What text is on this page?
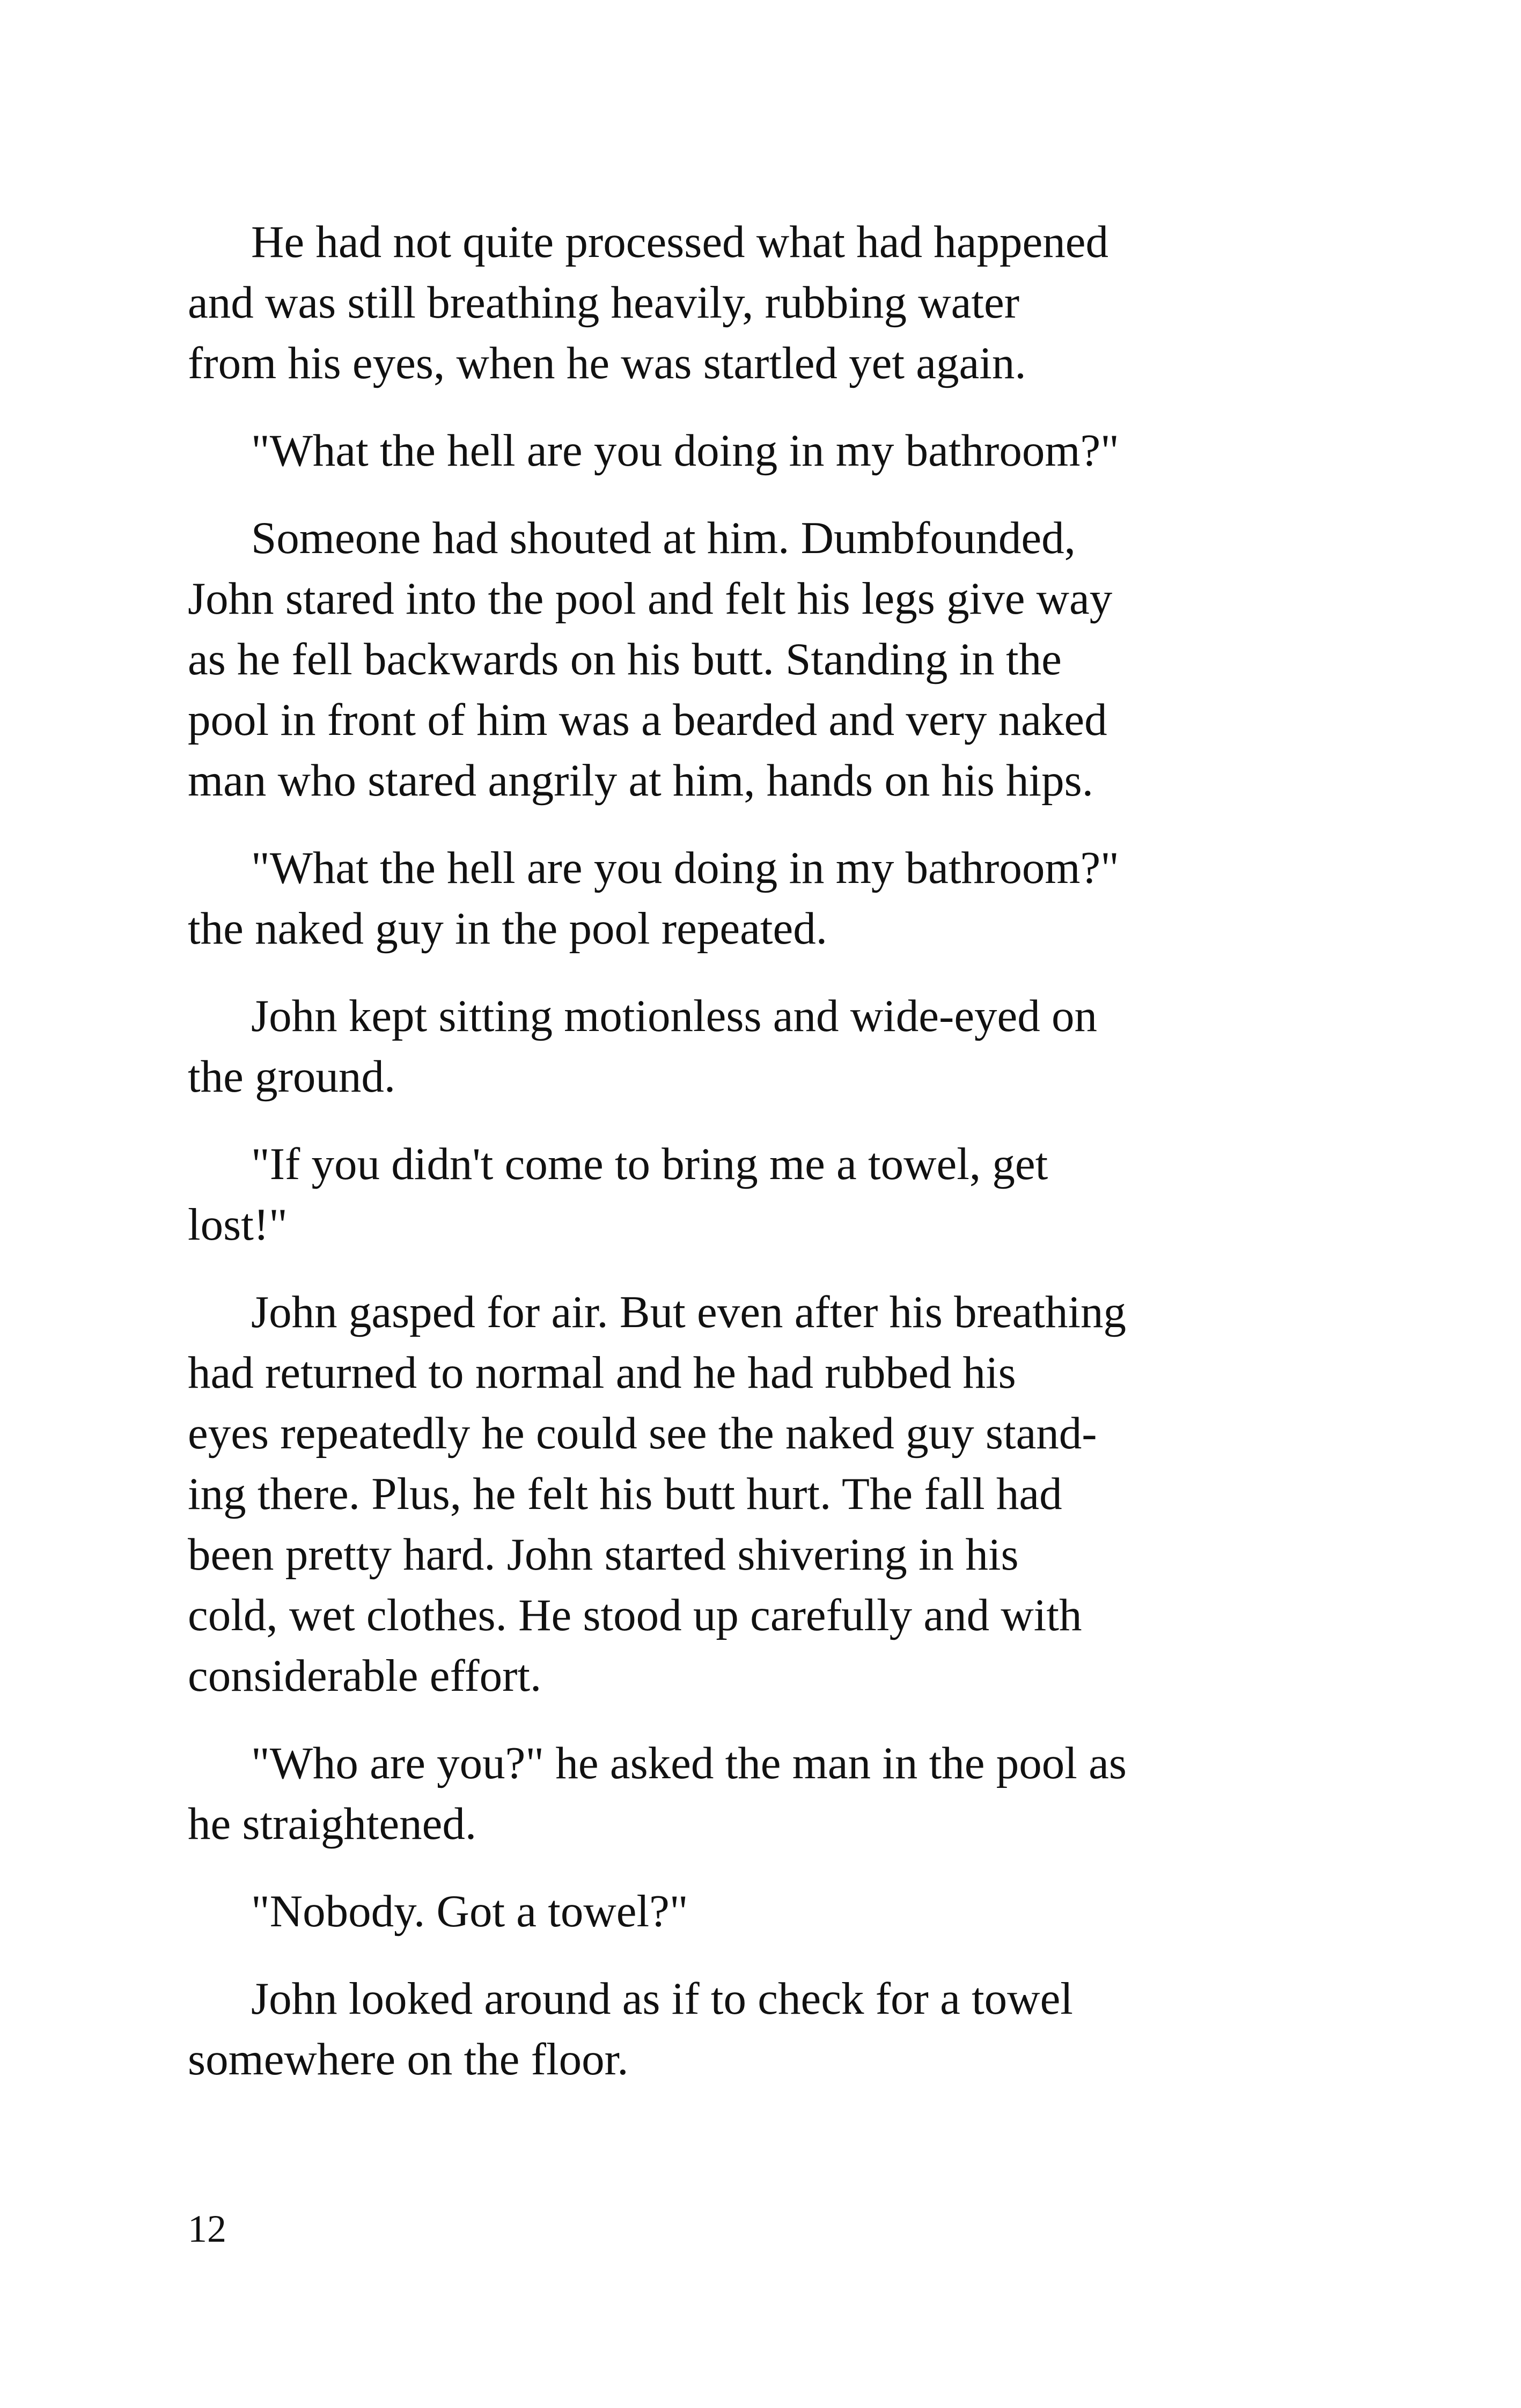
He had not quite processed what had happened
and was still breathing heavily, rubbing water
from his eyes, when he was startled yet again.

"What the hell are you doing in my bathroom?"

Someone had shouted at him. Dumbfounded,
John stared into the pool and felt his legs give way
as he fell backwards on his butt. Standing in the
pool in front of him was a bearded and very naked
man who stared angrily at him, hands on his hips.

"What the hell are you doing in my bathroom?"
the naked guy in the pool repeated.

John kept sitting motionless and wide-eyed on
the ground.

"If you didn't come to bring me a towel, get
lost!"

John gasped for air. But even after his breathing
had returned to normal and he had rubbed his
eyes repeatedly he could see the naked guy stand-
ing there. Plus, he felt his butt hurt. The fall had
been pretty hard. John started shivering in his
cold, wet clothes. He stood up carefully and with
considerable effort.

"Who are you?" he asked the man in the pool as
he straightened.

"Nobody. Got a towel?"

John looked around as if to check for a towel
somewhere on the floor.

12
